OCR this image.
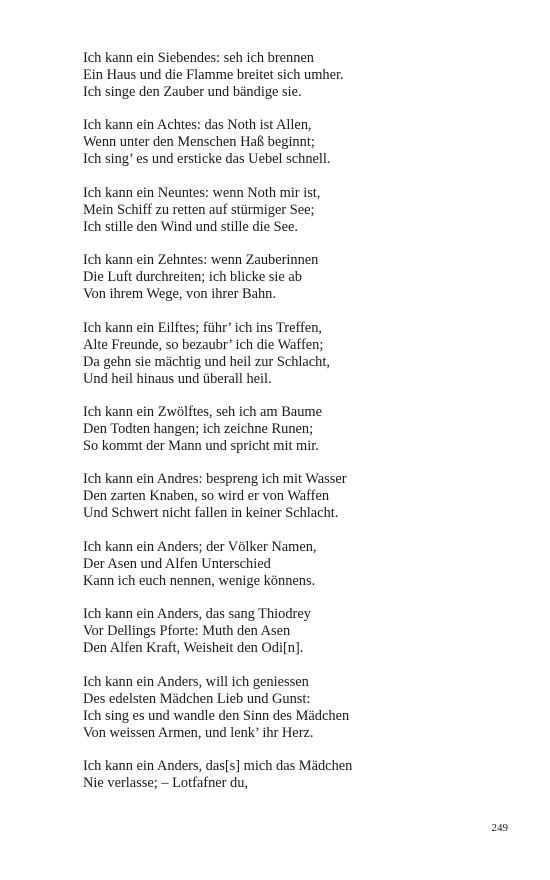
Ich kann ein Siebendes: seh ich brennen
Ein Haus und die Flamme breitet sich umher.
Ich singe den Zauber und bändige sie.
Ich kann ein Achtes: das Noth ist Allen,
Wenn unter den Menschen Haß beginnt;
Ich sing’ es und ersticke das Uebel schnell.
Ich kann ein Neuntes: wenn Noth mir ist,
Mein Schiff zu retten auf stürmiger See;
Ich stille den Wind und stille die See.
Ich kann ein Zehntes: wenn Zauberinnen
Die Luft durchreiten; ich blicke sie ab
Von ihrem Wege, von ihrer Bahn.
Ich kann ein Eilftes; führ’ ich ins Treffen,
Alte Freunde, so bezaubr’ ich die Waffen;
Da gehn sie mächtig und heil zur Schlacht,
Und heil hinaus und überall heil.
Ich kann ein Zwölftes, seh ich am Baume
Den Todten hangen; ich zeichne Runen;
So kommt der Mann und spricht mit mir.
Ich kann ein Andres: bespreng ich mit Wasser
Den zarten Knaben, so wird er von Waffen
Und Schwert nicht fallen in keiner Schlacht.
Ich kann ein Anders; der Völker Namen,
Der Asen und Alfen Unterschied
Kann ich euch nennen, wenige könnens.
Ich kann ein Anders, das sang Thiodrey
Vor Dellings Pforte: Muth den Asen
Den Alfen Kraft, Weisheit den Odi[n].
Ich kann ein Anders, will ich geniessen
Des edelsten Mädchen Lieb und Gunst:
Ich sing es und wandle den Sinn des Mädchen
Von weissen Armen, und lenk’ ihr Herz.
Ich kann ein Anders, das[s] mich das Mädchen
Nie verlasse; – Lotfafner du,
249
